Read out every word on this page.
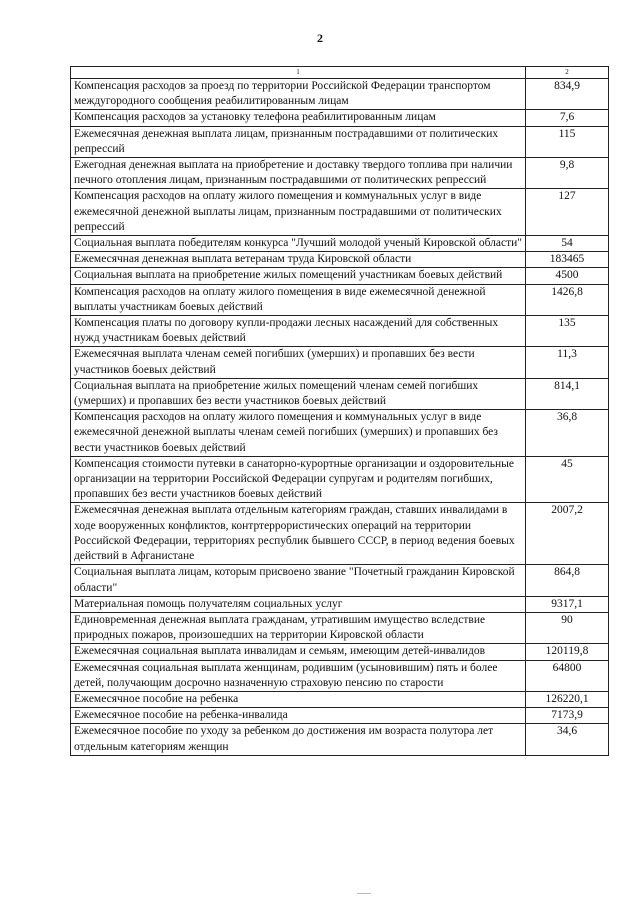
2
1	2
Компенсация расходов за проезд по территории Российской Федерации транспортом междугородного сообщения реабилитированным лицам	834,9
Компенсация расходов за установку телефона реабилитированным лицам	7,6
Ежемесячная денежная выплата лицам, признанным пострадавшими от политических репрессий	115
Ежегодная денежная выплата на приобретение и доставку твердого топлива при наличии печного отопления лицам, признанным пострадавшими от политических репрессий	9,8
Компенсация расходов на оплату жилого помещения и коммунальных услуг в виде ежемесячной денежной выплаты лицам, признанным пострадавшими от политических репрессий	127
Социальная выплата победителям конкурса "Лучший молодой ученый Кировской области"	54
Ежемесячная денежная выплата ветеранам труда Кировской области	183465
Социальная выплата на приобретение жилых помещений участникам боевых действий	4500
Компенсация расходов на оплату жилого помещения в виде ежемесячной денежной выплаты участникам боевых действий	1426,8
Компенсация платы по договору купли-продажи лесных насаждений для собственных нужд участникам боевых действий	135
Ежемесячная выплата членам семей погибших (умерших) и пропавших без вести участников боевых действий	11,3
Социальная выплата на приобретение жилых помещений членам семей погибших (умерших) и пропавших без вести участников боевых действий	814,1
Компенсация расходов на оплату жилого помещения и коммунальных услуг в виде ежемесячной денежной выплаты членам семей погибших (умерших) и пропавших без вести участников боевых действий	36,8
Компенсация стоимости путевки в санаторно-курортные организации и оздоровительные организации на территории Российской Федерации супругам и родителям погибших, пропавших без вести участников боевых действий	45
Ежемесячная денежная выплата отдельным категориям граждан, ставших инвалидами в ходе вооруженных конфликтов, контртеррористических операций на территории Российской Федерации, территориях республик бывшего СССР, в период ведения боевых действий в Афганистане	2007,2
Социальная выплата лицам, которым присвоено звание "Почетный гражданин Кировской области"	864,8
Материальная помощь получателям социальных услуг	9317,1
Единовременная денежная выплата гражданам, утратившим имущество вследствие природных пожаров, произошедших на территории Кировской области	90
Ежемесячная социальная выплата инвалидам и семьям, имеющим детей-инвалидов	120119,8
Ежемесячная социальная выплата женщинам, родившим (усыновившим) пять и более детей, получающим досрочно назначенную страховую пенсию по старости	64800
Ежемесячное пособие на ребенка	126220,1
Ежемесячное пособие на ребенка-инвалида	7173,9
Ежемесячное пособие по уходу за ребенком до достижения им возраста полутора лет отдельным категориям женщин	34,6
